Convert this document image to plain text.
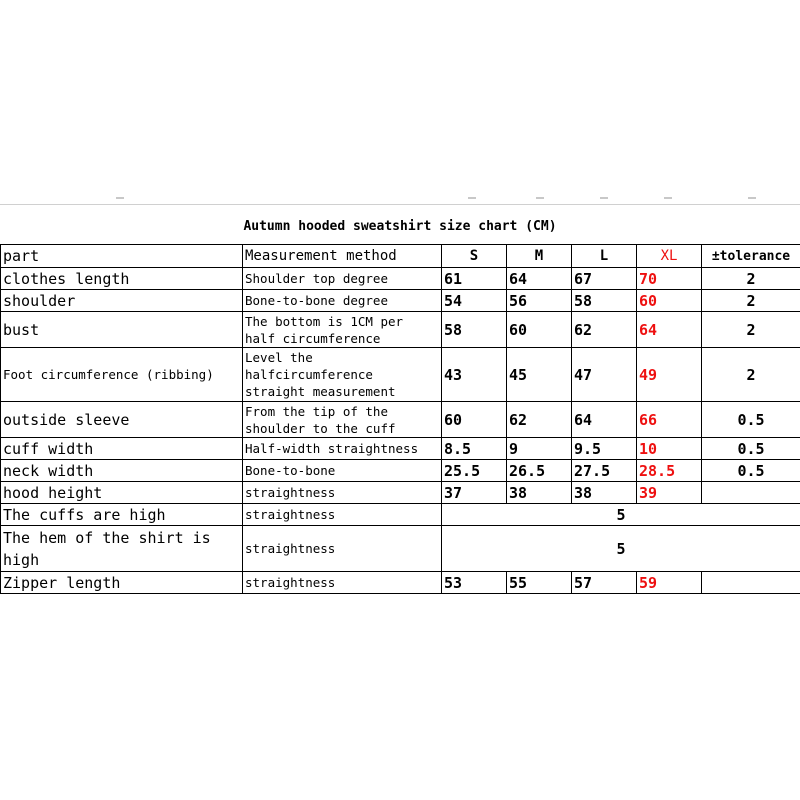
Autumn hooded sweatshirt size chart (CM)
part	Measurement method	S	M	L	XL	±tolerance
clothes length	Shoulder top degree	61	64	67	70	2
shoulder	Bone-to-bone degree	54	56	58	60	2
bust	The bottom is 1CM per half circumference	58	60	62	64	2
Foot circumference (ribbing)	Level the halfcircumference straight measurement	43	45	47	49	2
outside sleeve	From the tip of the shoulder to the cuff	60	62	64	66	0.5
cuff width	Half-width straightness	8.5	9	9.5	10	0.5
neck width	Bone-to-bone	25.5	26.5	27.5	28.5	0.5
hood height	straightness	37	38	38	39	
The cuffs are high	straightness	5				
The hem of the shirt is high	straightness	5				
Zipper length	straightness	53	55	57	59	
